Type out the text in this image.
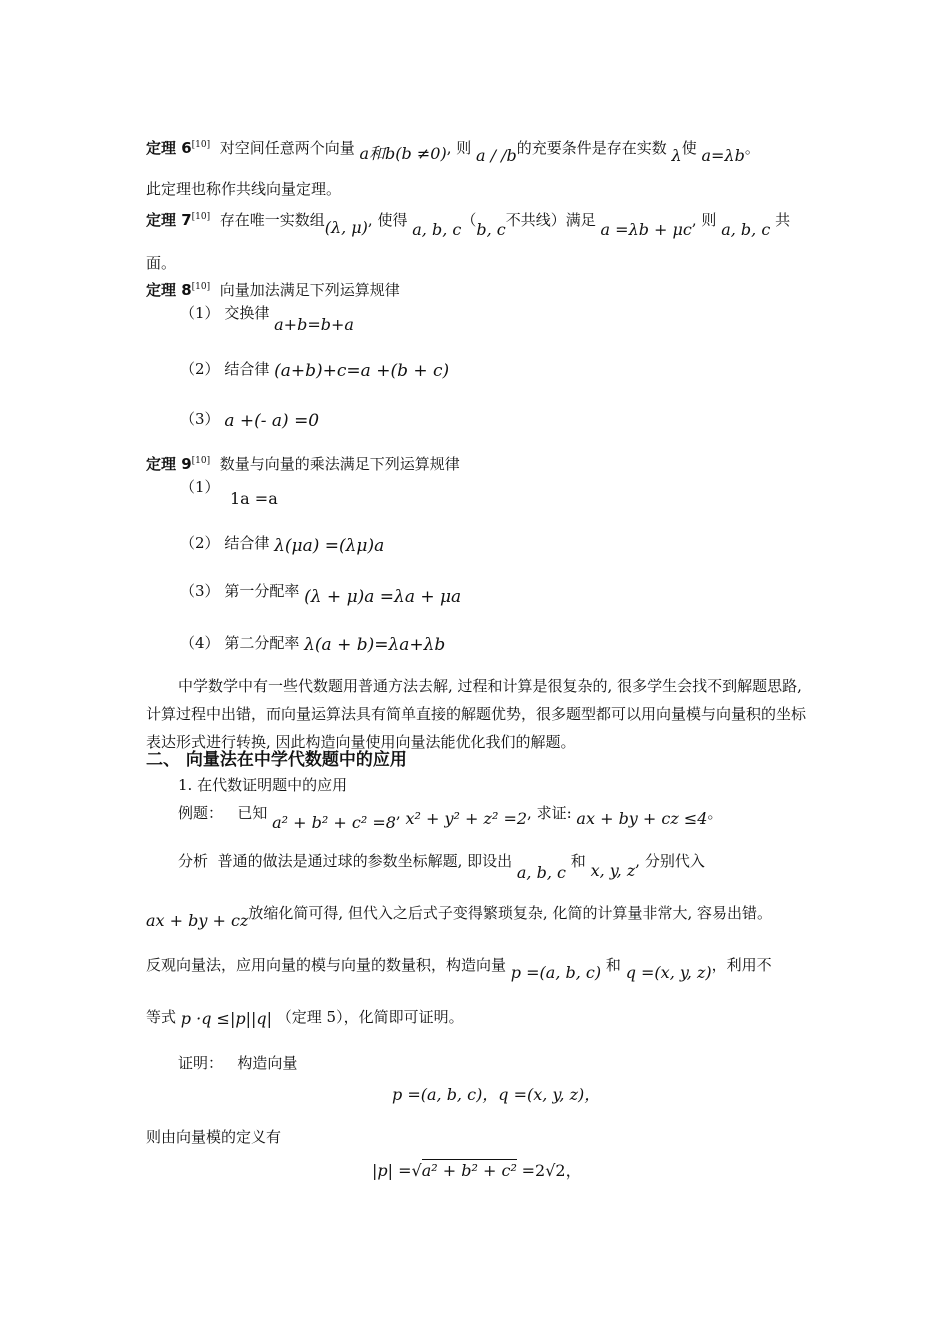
定理 6[10] 对空间任意两个向量 a和b(b ≠0), 则 a / /b的充要条件是存在实数 λ使 a=λb。
此定理也称作共线向量定理。
定理 7[10] 存在唯一实数组(λ, μ), 使得 a, b, c（b, c不共线）满足 a =λb + μc, 则 a, b, c 共
面。
定理 8[10] 向量加法满足下列运算规律
（1） 交换律 a+b=b+a
（2） 结合律 (a+b)+c=a +(b + c)
（3） a +(- a) =0
定理 9[10] 数量与向量的乘法满足下列运算规律
（1）
1a =a
（2） 结合律 λ(μa) =(λμ)a
（3） 第一分配率 (λ + μ)a =λa + μa
（4） 第二分配率 λ(a + b)=λa+λb
中学数学中有一些代数题用普通方法去解, 过程和计算是很复杂的, 很多学生会找不到解题思路, 计算过程中出错，而向量运算法具有简单直接的解题优势，很多题型都可以用向量模与向量积的坐标表达形式进行转换, 因此构造向量使用向量法能优化我们的解题。
二、 向量法在中学代数题中的应用
1. 在代数证明题中的应用
例题： 已知 a² + b² + c² =8, x² + y² + z² =2, 求证: ax + by + cz ≤4。
分析 普通的做法是通过球的参数坐标解题, 即设出 a, b, c 和 x, y, z, 分别代入
ax + by + cz放缩化简可得, 但代入之后式子变得繁琐复杂, 化简的计算量非常大, 容易出错。
反观向量法，应用向量的模与向量的数量积，构造向量 p =(a, b, c) 和 q =(x, y, z)，利用不
等式 p ·q ≤|p||q| （定理 5），化简即可证明。
证明： 构造向量
p =(a, b, c)，q =(x, y, z)，
则由向量模的定义有
|p| =√a² + b² + c² =2√2，
